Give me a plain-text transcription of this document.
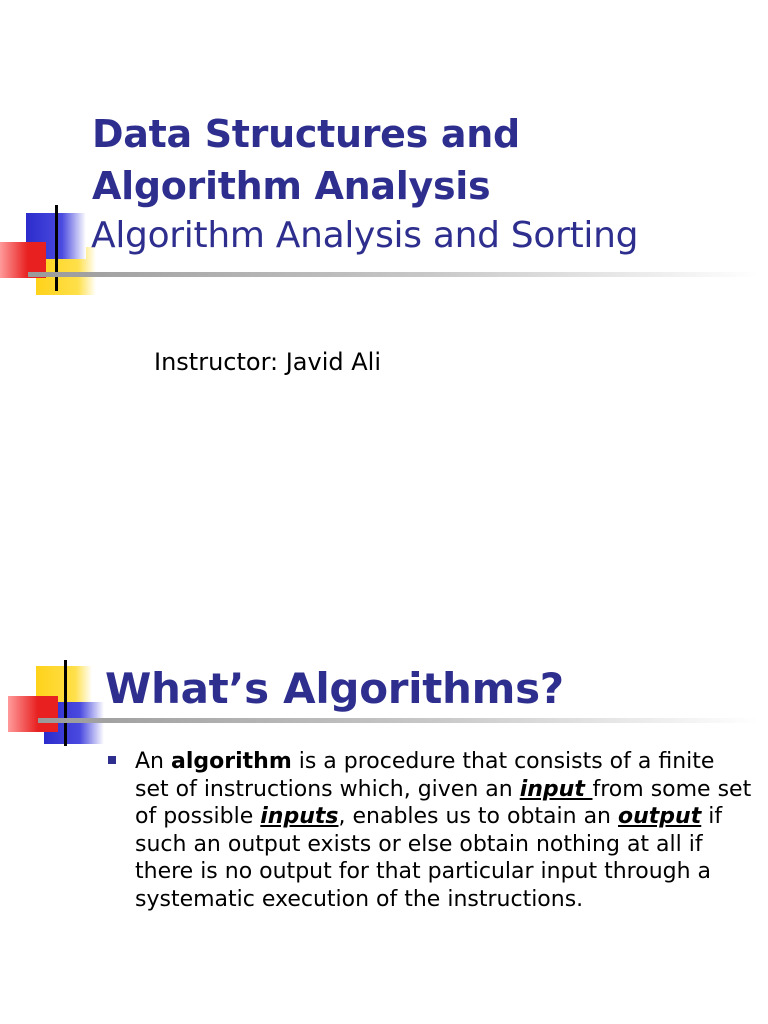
Data Structures and
Algorithm Analysis
Algorithm Analysis and Sorting
Instructor: Javid Ali
What’s Algorithms?

An algorithm is a procedure that consists of a finite set of instructions which, given an input from some set of possible inputs, enables us to obtain an output if such an output exists or else obtain nothing at all if there is no output for that particular input through a systematic execution of the instructions.
